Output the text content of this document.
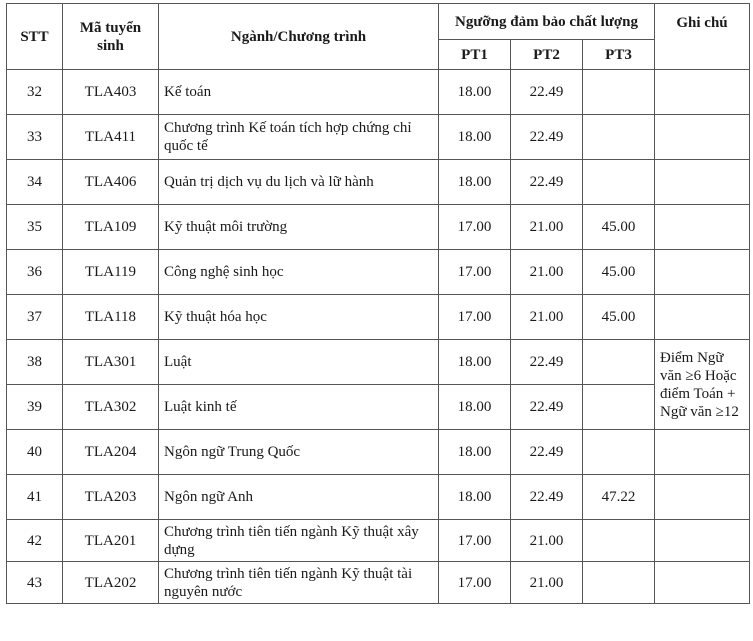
STT	Mã tuyển sinh	Ngành/Chương trình	Ngưỡng đảm bảo chất lượng			Ghi chú
			PT1	PT2	PT3	
32	TLA403	Kế toán	18.00	22.49		
33	TLA411	Chương trình Kế toán tích hợp chứng chỉ quốc tế	18.00	22.49		
34	TLA406	Quản trị dịch vụ du lịch và lữ hành	18.00	22.49		
35	TLA109	Kỹ thuật môi trường	17.00	21.00	45.00	
36	TLA119	Công nghệ sinh học	17.00	21.00	45.00	
37	TLA118	Kỹ thuật hóa học	17.00	21.00	45.00	
38	TLA301	Luật	18.00	22.49		Điểm Ngữ văn ≥6 Hoặc điểm Toán + Ngữ văn ≥12
39	TLA302	Luật kinh tế	18.00	22.49		
40	TLA204	Ngôn ngữ Trung Quốc	18.00	22.49		
41	TLA203	Ngôn ngữ Anh	18.00	22.49	47.22	
42	TLA201	Chương trình tiên tiến ngành Kỹ thuật xây dựng	17.00	21.00		
43	TLA202	Chương trình tiên tiến ngành Kỹ thuật tài nguyên nước	17.00	21.00		
